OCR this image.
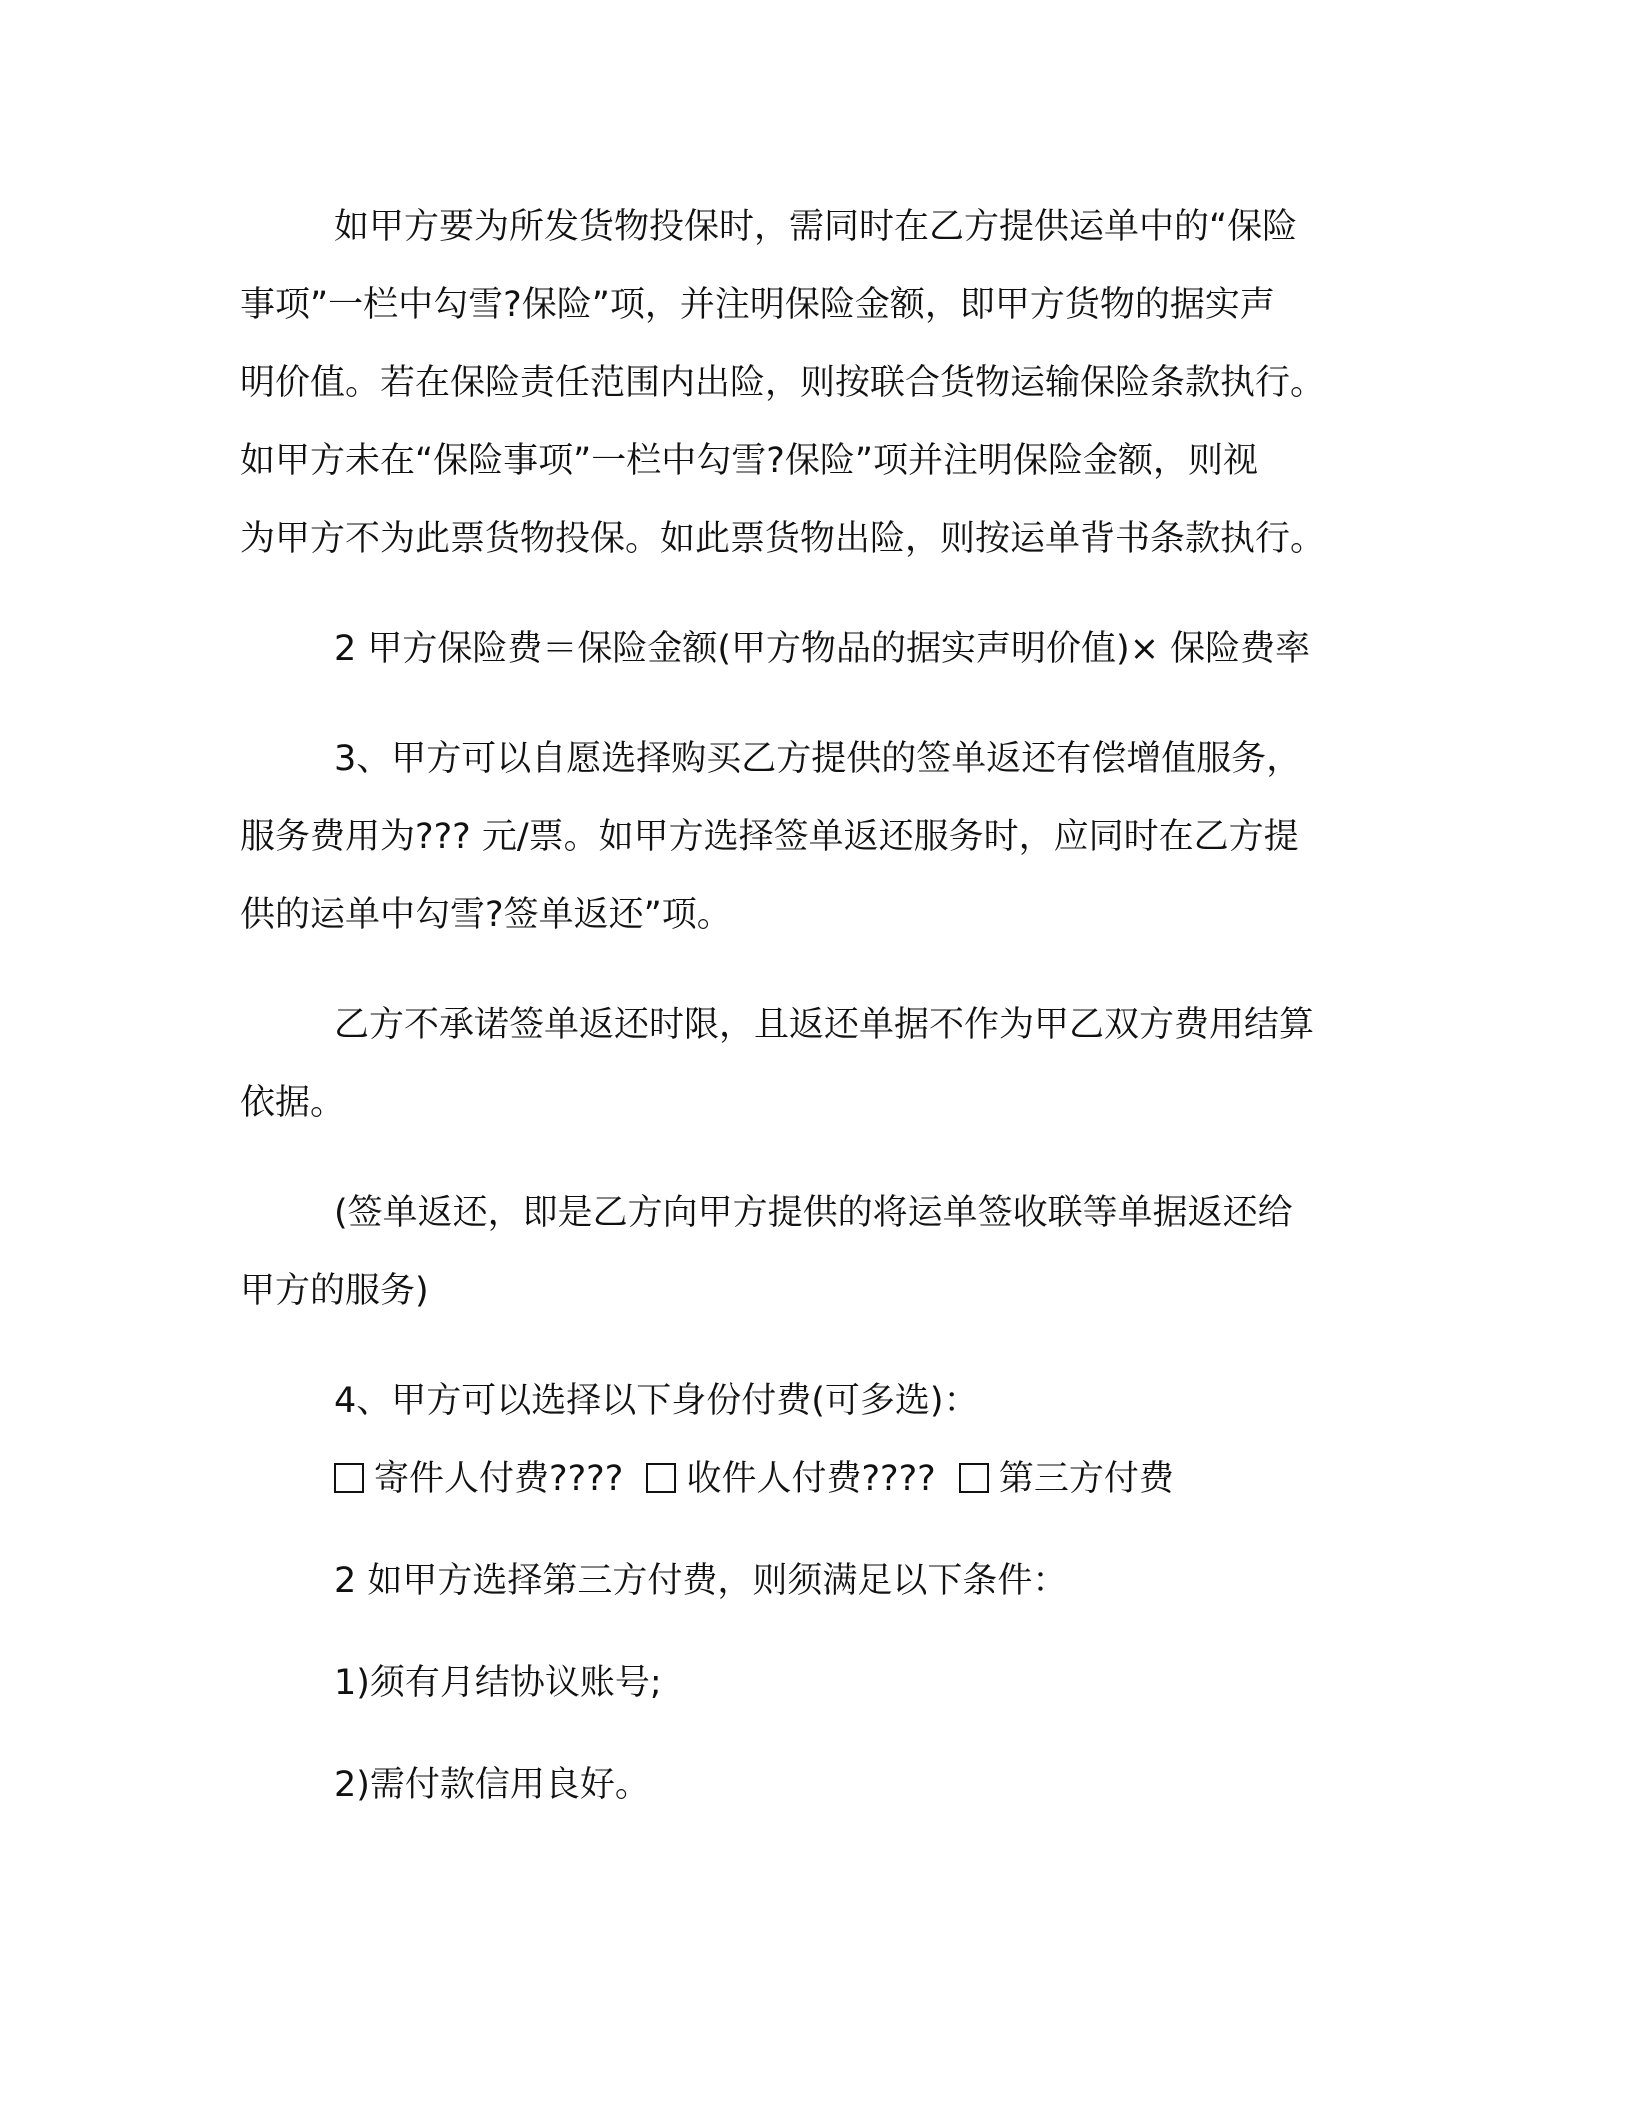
如甲方要为所发货物投保时，需同时在乙方提供运单中的“保险
事项”一栏中勾雪?保险”项，并注明保险金额，即甲方货物的据实声
明价值。若在保险责任范围内出险，则按联合货物运输保险条款执行。
如甲方未在“保险事项”一栏中勾雪?保险”项并注明保险金额，则视
为甲方不为此票货物投保。如此票货物出险，则按运单背书条款执行。

2 甲方保险费＝保险金额(甲方物品的据实声明价值)× 保险费率

3、甲方可以自愿选择购买乙方提供的签单返还有偿增值服务，
服务费用为??? 元/票。如甲方选择签单返还服务时，应同时在乙方提
供的运单中勾雪?签单返还”项。

乙方不承诺签单返还时限，且返还单据不作为甲乙双方费用结算
依据。

(签单返还，即是乙方向甲方提供的将运单签收联等单据返还给
甲方的服务)

4、甲方可以选择以下身份付费(可多选)：

寄件人付费???? 收件人付费???? 第三方付费

2 如甲方选择第三方付费，则须满足以下条件：

1)须有月结协议账号;

2)需付款信用良好。
